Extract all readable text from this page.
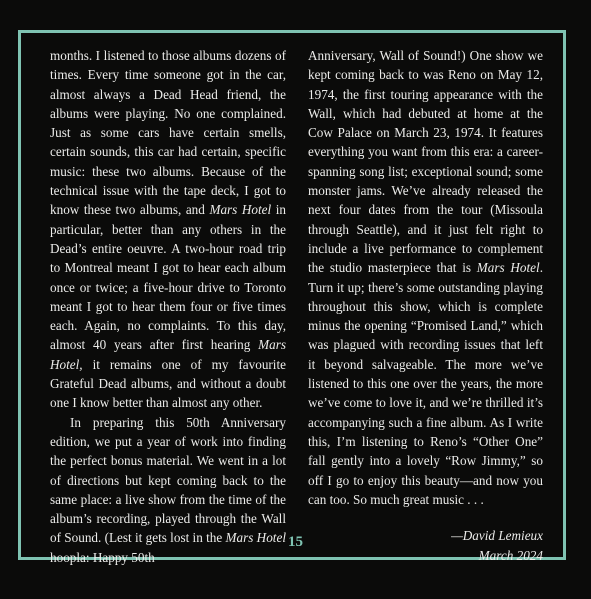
months. I listened to those albums dozens of times. Every time someone got in the car, almost always a Dead Head friend, the albums were playing. No one complained. Just as some cars have certain smells, certain sounds, this car had certain, specific music: these two albums. Because of the technical issue with the tape deck, I got to know these two albums, and Mars Hotel in particular, better than any others in the Dead’s entire oeuvre. A two-hour road trip to Montreal meant I got to hear each album once or twice; a five-hour drive to Toronto meant I got to hear them four or five times each. Again, no complaints. To this day, almost 40 years after first hearing Mars Hotel, it remains one of my favourite Grateful Dead albums, and without a doubt one I know better than almost any other.

In preparing this 50th Anniversary edition, we put a year of work into finding the perfect bonus material. We went in a lot of directions but kept coming back to the same place: a live show from the time of the album’s recording, played through the Wall of Sound. (Lest it gets lost in the Mars Hotel hoopla: Happy 50th

Anniversary, Wall of Sound!) One show we kept coming back to was Reno on May 12, 1974, the first touring appearance with the Wall, which had debuted at home at the Cow Palace on March 23, 1974. It features everything you want from this era: a career-spanning song list; exceptional sound; some monster jams. We’ve already released the next four dates from the tour (Missoula through Seattle), and it just felt right to include a live performance to complement the studio masterpiece that is Mars Hotel. Turn it up; there’s some outstanding playing throughout this show, which is complete minus the opening “Promised Land,” which was plagued with recording issues that left it beyond salvageable. The more we’ve listened to this one over the years, the more we’ve come to love it, and we’re thrilled it’s accompanying such a fine album. As I write this, I’m listening to Reno’s “Other One” fall gently into a lovely “Row Jimmy,” so off I go to enjoy this beauty—and now you can too. So much great music . . .

—David Lemieux

March 2024

15
